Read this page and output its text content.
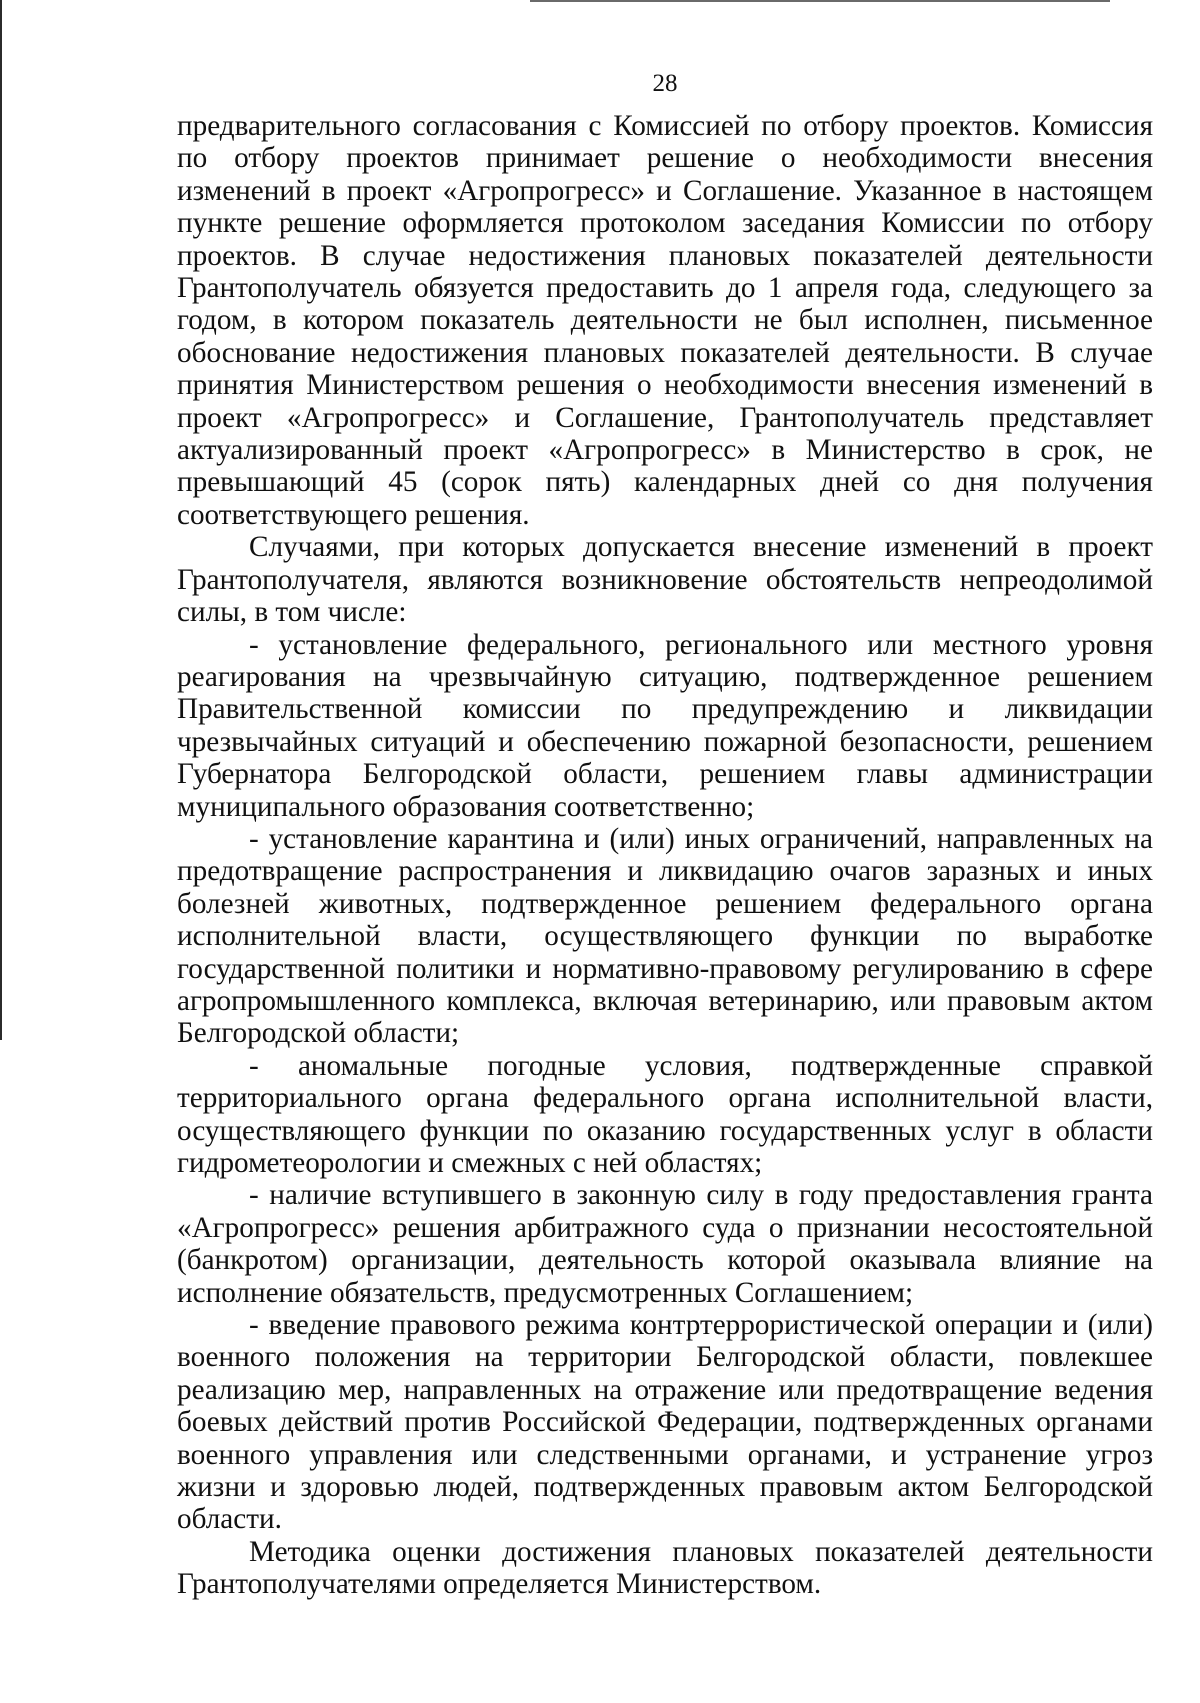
28

предварительного согласования с Комиссией по отбору проектов. Комиссия по отбору проектов принимает решение о необходимости внесения изменений в проект «Агропрогресс» и Соглашение. Указанное в настоящем пункте решение оформляется протоколом заседания Комиссии по отбору проектов. В случае недостижения плановых показателей деятельности Грантополучатель обязуется предоставить до 1 апреля года, следующего за годом, в котором показатель деятельности не был исполнен, письменное обоснование недостижения плановых показателей деятельности. В случае принятия Министерством решения о необходимости внесения изменений в проект «Агропрогресс» и Соглашение, Грантополучатель представляет актуализированный проект «Агропрогресс» в Министерство в срок, не превышающий 45 (сорок пять) календарных дней со дня получения соответствующего решения.

Случаями, при которых допускается внесение изменений в проект Грантополучателя, являются возникновение обстоятельств непреодолимой силы, в том числе:

- установление федерального, регионального или местного уровня реагирования на чрезвычайную ситуацию, подтвержденное решением Правительственной комиссии по предупреждению и ликвидации чрезвычайных ситуаций и обеспечению пожарной безопасности, решением Губернатора Белгородской области, решением главы администрации муниципального образования соответственно;

- установление карантина и (или) иных ограничений, направленных на предотвращение распространения и ликвидацию очагов заразных и иных болезней животных, подтвержденное решением федерального органа исполнительной власти, осуществляющего функции по выработке государственной политики и нормативно-правовому регулированию в сфере агропромышленного комплекса, включая ветеринарию, или правовым актом Белгородской области;

- аномальные погодные условия, подтвержденные справкой территориального органа федерального органа исполнительной власти, осуществляющего функции по оказанию государственных услуг в области гидрометеорологии и смежных с ней областях;

- наличие вступившего в законную силу в году предоставления гранта «Агропрогресс» решения арбитражного суда о признании несостоятельной (банкротом) организации, деятельность которой оказывала влияние на исполнение обязательств, предусмотренных Соглашением;

- введение правового режима контртеррористической операции и (или) военного положения на территории Белгородской области, повлекшее реализацию мер, направленных на отражение или предотвращение ведения боевых действий против Российской Федерации, подтвержденных органами военного управления или следственными органами, и устранение угроз жизни и здоровью людей, подтвержденных правовым актом Белгородской области.

Методика оценки достижения плановых показателей деятельности Грантополучателями определяется Министерством.
